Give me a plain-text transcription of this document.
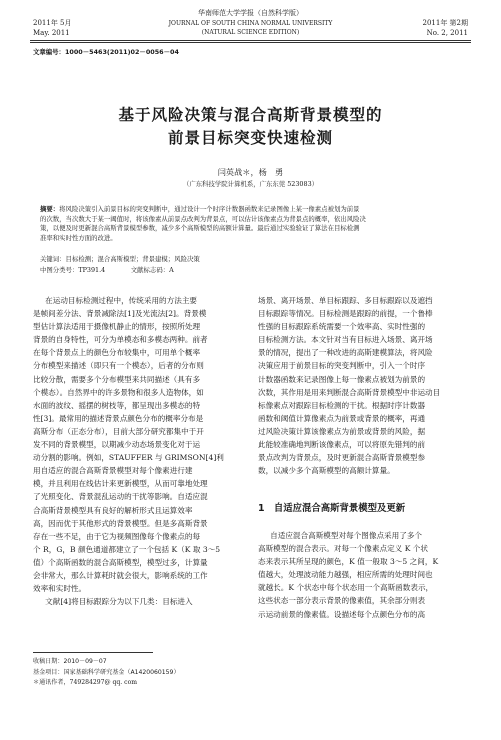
华南师范大学学报（自然科学版）
JOURNAL OF SOUTH CHINA NORMAL UNIVERSITY
(NATURAL SCIENCE EDITION)
2011年 5月
May. 2011
2011年 第2期
No. 2, 2011
文章编号：1000－5463(2011)02－0056－04
基于风险决策与混合高斯背景模型的
前景目标突变快速检测
闫英战＊，杨　勇
（广东科技学院计算机系，广东东莞 523083）

摘要：将风险决策引入前景目标的突变判断中，通过设计一个时序计数器函数来记录图像上某一像素点被划为前景

的次数，当次数大于某一阈值时，将该像素从前景点改判为背景点，可以估计该像素点为背景点的概率，依出风险决

策，以便及时更新混合高斯背景模型参数，减少多个高斯模型的高额计算量。最后通过实验验证了算法在目标检测

准率和实时性方面的改进。

关键词：目标检测；混合高斯模型；背景建模；风险决策
中图分类号：TP391.4　　　　文献标志码：A

在运动目标检测过程中，传统采用的方法主要

是帧间差分法、背景减除法[1]及光流法[2]。背景模

型估计算法适用于摄像机静止的情形，按照所处理

背景的自身特性，可分为单模态和多模态两种。前者

在每个背景点上的颜色分布较集中，可用单个概率

分布模型来描述（即只有一个模态），后者的分布则

比较分散，需要多个分布模型来共同描述（具有多

个模态）。自然界中的许多景物和很多人造物体，如

水面的波纹、摇摆的树枝等，都呈现出多模态的特

性[3]。最常用的描述背景点颜色分布的概率分布是

高斯分布（正态分布），目前大部分研究都集中于开

发不同的背景模型，以期减少动态场景变化对于运

动分割的影响。例如，STAUFFER 与 GRIMSON[4]利

用自适应的混合高斯背景模型对每个像素进行建

模，并且利用在线估计来更新模型，从而可靠地处理

了光照变化、背景混乱运动的干扰等影响。自适应混

合高斯背景模型具有良好的解析形式且运算效率

高，因而优于其他形式的背景模型。但是多高斯背景

存在一些不足，由于它为视频图像每个像素点的每

个 R，G，B 颜色通道都建立了一个包括 K（K 取 3～5

值）个高斯函数的混合高斯模型，模型过多，计算量

会非常大，那么计算耗时就会很大，影响系统的工作

效率和实时性。

文献[4]将目标跟踪分为以下几类：目标进入

场景、离开场景、单目标跟踪、多目标跟踪以及遮挡

目标跟踪等情况。目标检测是跟踪的前提，一个鲁棒

性强的目标跟踪系统需要一个效率高、实时性强的

目标检测方法。本文针对当有目标进入场景、离开场

景的情况，提出了一种改进的高斯建模算法，将风险

决策应用于前景目标的突变判断中，引入一个时序

计数器函数来记录图像上每一像素点被划为前景的

次数，其作用是用来判断混合高斯背景模型中非运动目

标像素点对跟踪目标检测的干扰。根据时序计数器

函数和阈值计算像素点为前景或背景的概率，再通

过风险决策计算该像素点为前景或背景的风险，据

此能较准确地判断该像素点，可以将原先错判的前

景点改判为背景点，及时更新混合高斯背景模型参

数，以减少多个高斯模型的高额计算量。

1　自适应混合高斯背景模型及更新

自适应混合高斯模型对每个图像点采用了多个

高斯模型的混合表示。对每一个像素点定义 K 个状

态来表示其所呈现的颜色，K 值一般取 3～5 之间，K

值越大，处理波动能力越强，相应所需的处理时间也

就越长。K 个状态中每个状态用一个高斯函数表示，

这些状态一部分表示背景的像素值，其余部分则表

示运动前景的像素值。设描述每个点颜色分布的高

收稿日期：2010－09－07

基金项目：国家基础科学研究基金（A1420060159）

＊通讯作者，749284297@ qq. com
